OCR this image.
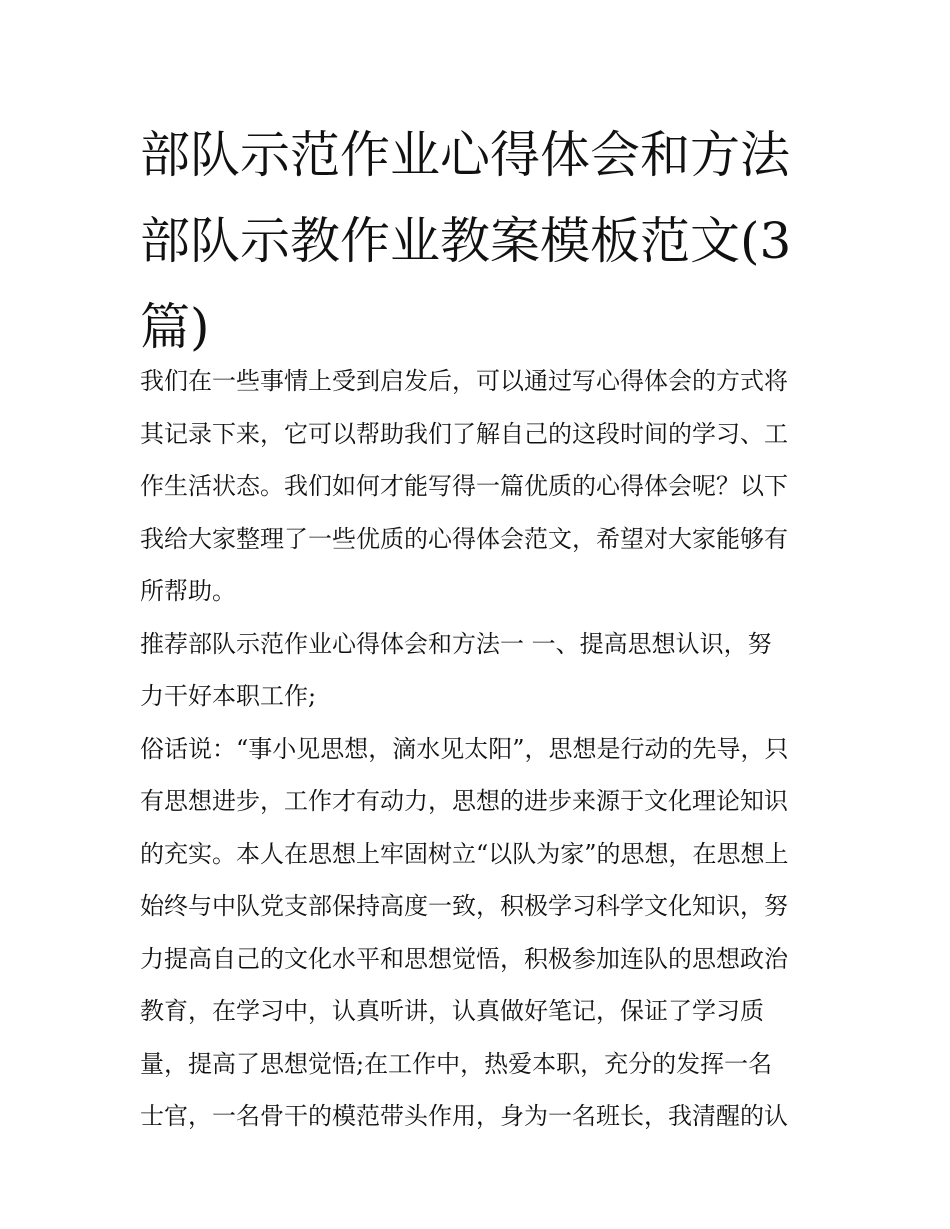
部队示范作业心得体会和方法
部队示教作业教案模板范文(3
篇)
我们在一些事情上受到启发后，可以通过写心得体会的方式将
其记录下来，它可以帮助我们了解自己的这段时间的学习、工
作生活状态。我们如何才能写得一篇优质的心得体会呢？以下
我给大家整理了一些优质的心得体会范文，希望对大家能够有
所帮助。
推荐部队示范作业心得体会和方法一 一、提高思想认识，努
力干好本职工作;
俗话说：“事小见思想，滴水见太阳”，思想是行动的先导，只
有思想进步，工作才有动力，思想的进步来源于文化理论知识
的充实。本人在思想上牢固树立“以队为家”的思想，在思想上
始终与中队党支部保持高度一致，积极学习科学文化知识，努
力提高自己的文化水平和思想觉悟，积极参加连队的思想政治
教育，在学习中，认真听讲，认真做好笔记，保证了学习质
量，提高了思想觉悟;在工作中，热爱本职，充分的发挥一名
士官，一名骨干的模范带头作用，身为一名班长，我清醒的认
